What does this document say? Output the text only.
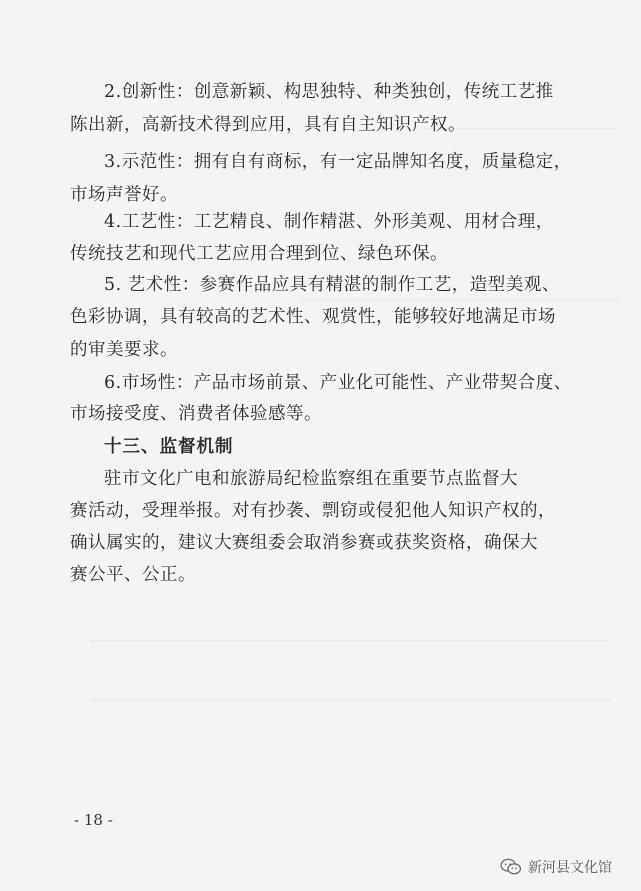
2.创新性：创意新颖、构思独特、种类独创，传统工艺推
陈出新，高新技术得到应用，具有自主知识产权。
3.示范性：拥有自有商标，有一定品牌知名度，质量稳定，
市场声誉好。
4.工艺性：工艺精良、制作精湛、外形美观、用材合理，
传统技艺和现代工艺应用合理到位、绿色环保。
5. 艺术性：参赛作品应具有精湛的制作工艺，造型美观、
色彩协调，具有较高的艺术性、观赏性，能够较好地满足市场
的审美要求。
6.市场性：产品市场前景、产业化可能性、产业带契合度、
市场接受度、消费者体验感等。
十三、监督机制
驻市文化广电和旅游局纪检监察组在重要节点监督大
赛活动，受理举报。对有抄袭、剽窃或侵犯他人知识产权的，
确认属实的，建议大赛组委会取消参赛或获奖资格，确保大
赛公平、公正。
- 18 -
新河县文化馆
